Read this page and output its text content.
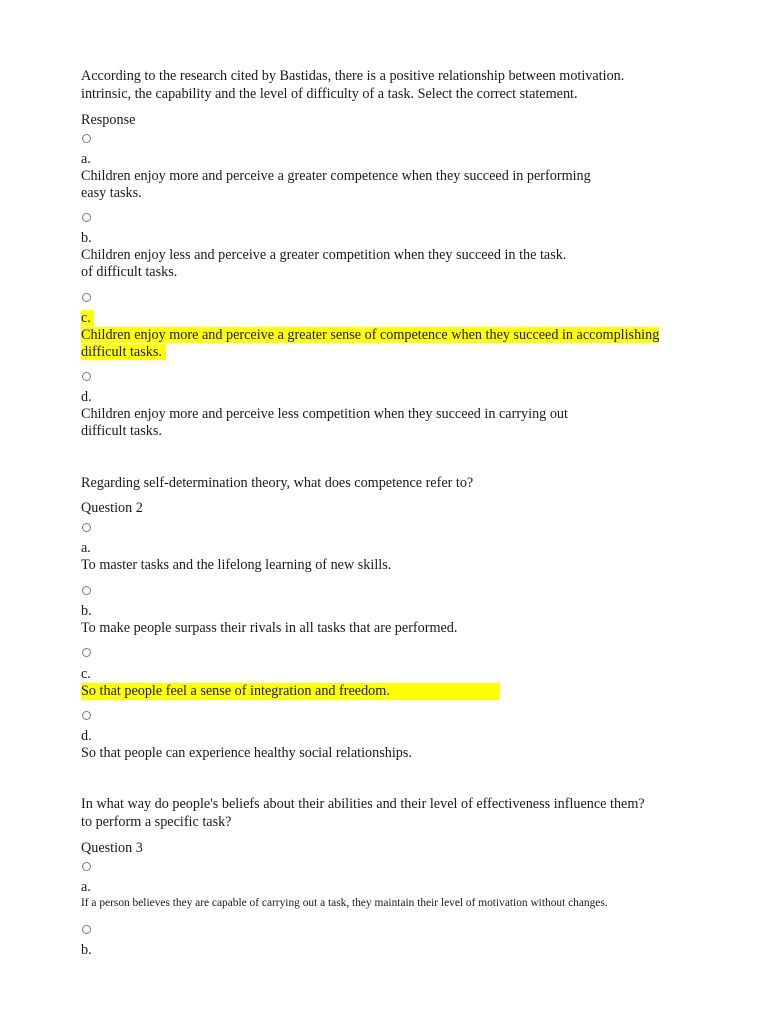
According to the research cited by Bastidas, there is a positive relationship between motivation.

intrinsic, the capability and the level of difficulty of a task. Select the correct statement.

Response

a.

Children enjoy more and perceive a greater competence when they succeed in performing

easy tasks.

b.

Children enjoy less and perceive a greater competition when they succeed in the task.

of difficult tasks.

c.

Children enjoy more and perceive a greater sense of competence when they succeed in accomplishing

difficult tasks.

d.

Children enjoy more and perceive less competition when they succeed in carrying out

difficult tasks.

Regarding self-determination theory, what does competence refer to?

Question 2

a.

To master tasks and the lifelong learning of new skills.

b.

To make people surpass their rivals in all tasks that are performed.

c.

So that people feel a sense of integration and freedom.

d.

So that people can experience healthy social relationships.

In what way do people's beliefs about their abilities and their level of effectiveness influence them?

to perform a specific task?

Question 3

a.

If a person believes they are capable of carrying out a task, they maintain their level of motivation without changes.

b.
